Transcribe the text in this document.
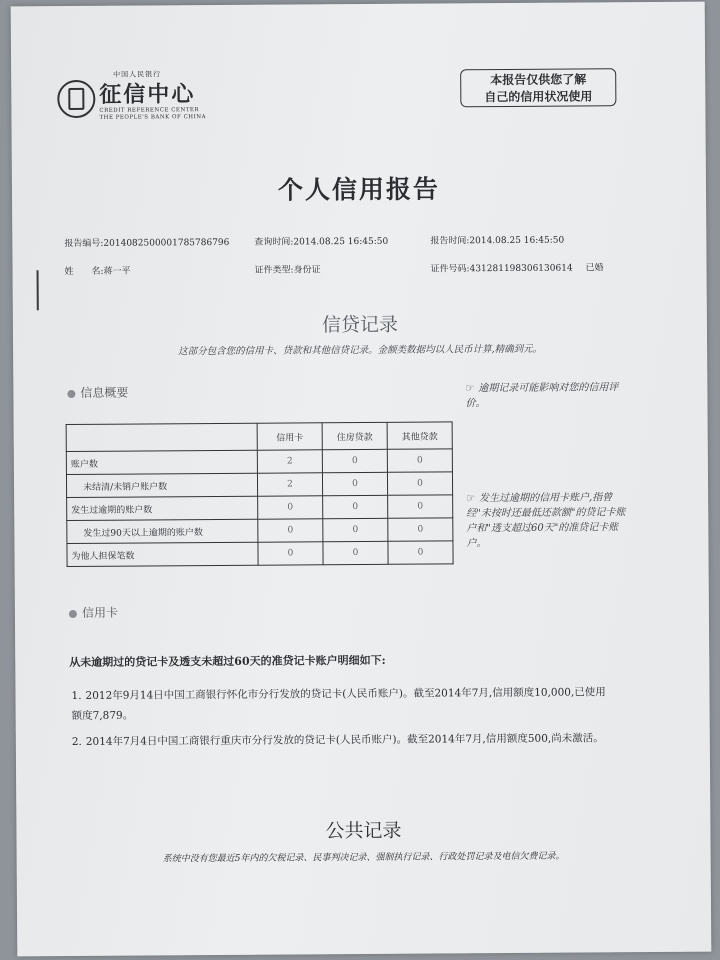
中国人民银行
征信中心
CREDIT REFERENCE CENTER
THE PEOPLE'S BANK OF CHINA
本报告仅供您了解
自己的信用状况使用
个人信用报告
报告编号:2014082500001785786796	查询时间:2014.08.25 16:45:50	报告时间:2014.08.25 16:45:50
姓　　名:蒋一平	证件类型:身份证	证件号码:431281198306130614 已婚
信贷记录
这部分包含您的信用卡、贷款和其他信贷记录。金额类数据均以人民币计算,精确到元。
信息概要
	信用卡	住房贷款	其他贷款
账户数	2	0	0
未结清/未销户账户数	2	0	0
发生过逾期的账户数	0	0	0
发生过90天以上逾期的账户数	0	0	0
为他人担保笔数	0	0	0
☞ 逾期记录可能影响对您的信用评价。
☞ 发生过逾期的信用卡账户,指曾经"未按时还最低还款额"的贷记卡账户和"透支超过60天"的准贷记卡账户。
信用卡
从未逾期过的贷记卡及透支未超过60天的准贷记卡账户明细如下:
1. 2012年9月14日中国工商银行怀化市分行发放的贷记卡(人民币账户)。截至2014年7月,信用额度10,000,已使用额度7,879。
2. 2014年7月4日中国工商银行重庆市分行发放的贷记卡(人民币账户)。截至2014年7月,信用额度500,尚未激活。
公共记录
系统中没有您最近5年内的欠税记录、民事判决记录、强制执行记录、行政处罚记录及电信欠费记录。
